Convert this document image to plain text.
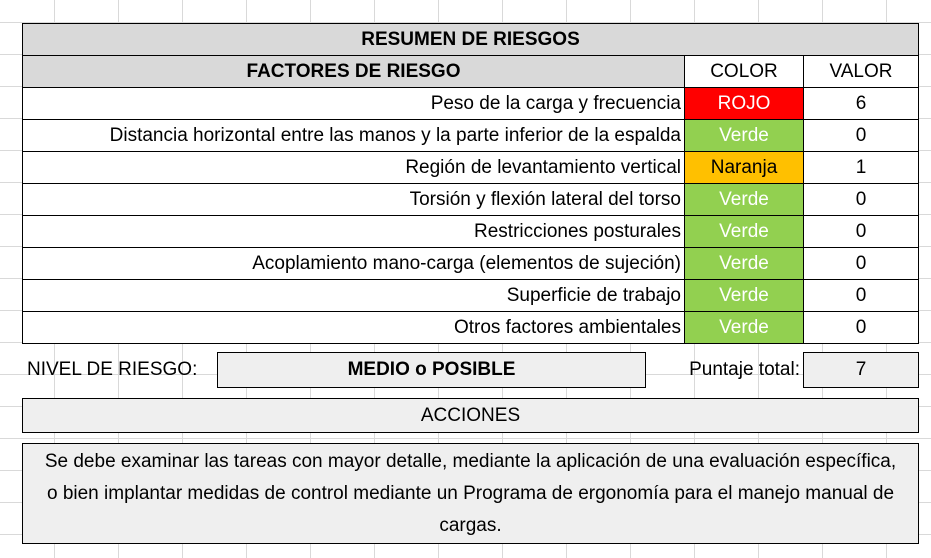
RESUMEN DE RIESGOS
FACTORES DE RIESGO	COLOR	VALOR
Peso de la carga y frecuencia	ROJO	6
Distancia horizontal entre las manos y la parte inferior de la espalda	Verde	0
Región de levantamiento vertical	Naranja	1
Torsión y flexión lateral del torso	Verde	0
Restricciones posturales	Verde	0
Acoplamiento mano-carga (elementos de sujeción)	Verde	0
Superficie de trabajo	Verde	0
Otros factores ambientales	Verde	0
NIVEL DE RIESGO:	MEDIO o POSIBLE	Puntaje total:	7
ACCIONES
Se debe examinar las tareas con mayor detalle, mediante la aplicación de una evaluación específica, o bien implantar medidas de control mediante un Programa de ergonomía para el manejo manual de cargas.
